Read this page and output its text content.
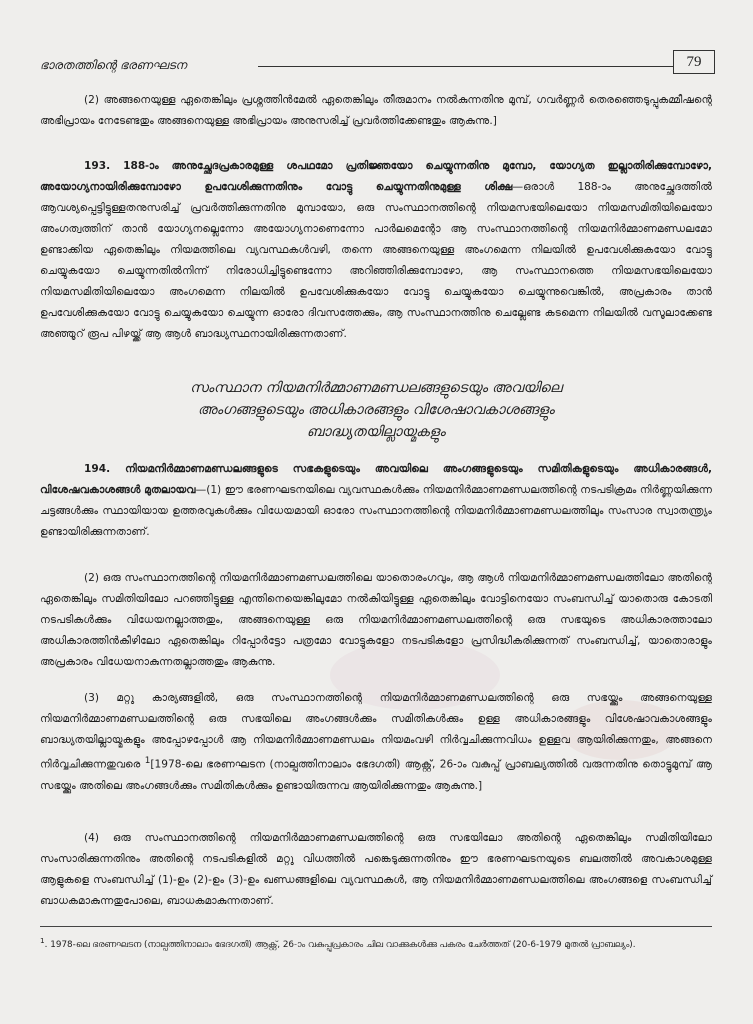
ഭാരതത്തിന്റെ ഭരണഘടന	79

(2) അങ്ങനെയുള്ള ഏതെങ്കിലും പ്രശ്നത്തിൻമേൽ ഏതെങ്കിലും തീരുമാനം നൽകുന്നതിനു മുമ്പ്, ഗവർണ്ണർ തെരഞ്ഞെടുപ്പുകമ്മീഷന്റെ അഭിപ്രായം നേടേണ്ടതും അങ്ങനെയുള്ള അഭിപ്രായം അനുസരിച്ച് പ്രവർത്തിക്കേണ്ടതും ആകുന്നു.]

193. 188-ാം അനുച്ഛേദപ്രകാരമുള്ള ശപഥമോ പ്രതിജ്ഞയോ ചെയ്യുന്നതിനു മുമ്പോ, യോഗ്യത ഇല്ലാതിരിക്കുമ്പോഴോ, അയോഗ്യനായിരിക്കുമ്പോഴോ ഉപവേശിക്കുന്നതിനും വോട്ടു ചെയ്യുന്നതിനുമുള്ള ശിക്ഷ—ഒരാൾ 188-ാം അനുച്ഛേദത്തിൽ ആവശ്യപ്പെട്ടിട്ടുള്ളതനുസരിച്ച് പ്രവർത്തിക്കുന്നതിനു മുമ്പായോ, ഒരു സംസ്ഥാനത്തിന്റെ നിയമസഭയിലെയോ നിയമസമിതിയിലെയോ അംഗത്വത്തിന് താൻ യോഗ്യനല്ലെന്നോ അയോഗ്യനാണെന്നോ പാർലമെന്റോ ആ സംസ്ഥാനത്തിന്റെ നിയമനിർമ്മാണമണ്ഡലമോ ഉണ്ടാക്കിയ ഏതെങ്കിലും നിയമത്തിലെ വ്യവസ്ഥകൾവഴി, തന്നെ അങ്ങനെയുള്ള അംഗമെന്ന നിലയിൽ ഉപവേശിക്കുകയോ വോട്ടു ചെയ്യുകയോ ചെയ്യുന്നതിൽനിന്ന് നിരോധിച്ചിട്ടുണ്ടെന്നോ അറിഞ്ഞിരിക്കുമ്പോഴോ, ആ സംസ്ഥാനത്തെ നിയമസഭയിലെയോ നിയമസമിതിയിലെയോ അംഗമെന്ന നിലയിൽ ഉപവേശിക്കുകയോ വോട്ടു ചെയ്യുകയോ ചെയ്യുന്നുവെങ്കിൽ, അപ്രകാരം താൻ ഉപവേശിക്കുകയോ വോട്ടു ചെയ്യുകയോ ചെയ്യുന്ന ഓരോ ദിവസത്തേക്കും, ആ സംസ്ഥാനത്തിനു ചെല്ലേണ്ട കടമെന്ന നിലയിൽ വസൂലാക്കേണ്ട അഞ്ഞൂറ് രൂപ പിഴയ്ക്ക് ആ ആൾ ബാദ്ധ്യസ്ഥനായിരിക്കുന്നതാണ്.

സംസ്ഥാന നിയമനിർമ്മാണമണ്ഡലങ്ങളുടെയും അവയിലെ
അംഗങ്ങളുടെയും അധികാരങ്ങളും വിശേഷാവകാശങ്ങളും
ബാദ്ധ്യതയില്ലായ്മകളും

194. നിയമനിർമ്മാണമണ്ഡലങ്ങളുടെ സഭകളുടെയും അവയിലെ അംഗങ്ങളുടെയും സമിതികളുടെയും അധികാരങ്ങൾ, വിശേഷവകാശങ്ങൾ മുതലായവ—(1) ഈ ഭരണഘടനയിലെ വ്യവസ്ഥകൾക്കും നിയമനിർമ്മാണമണ്ഡലത്തിന്റെ നടപടിക്രമം നിർണ്ണയിക്കുന്ന ചട്ടങ്ങൾക്കും സ്ഥായിയായ ഉത്തരവുകൾക്കും വിധേയമായി ഓരോ സംസ്ഥാനത്തിന്റെ നിയമനിർമ്മാണമണ്ഡലത്തിലും സംസാര സ്വാതന്ത്ര്യം ഉണ്ടായിരിക്കുന്നതാണ്.

(2) ഒരു സംസ്ഥാനത്തിന്റെ നിയമനിർമ്മാണമണ്ഡലത്തിലെ യാതൊരംഗവും, ആ ആൾ നിയമനിർമ്മാണമണ്ഡലത്തിലോ അതിന്റെ ഏതെങ്കിലും സമിതിയിലോ പറഞ്ഞിട്ടുള്ള എന്തിനെയെങ്കിലുമോ നൽകിയിട്ടുള്ള ഏതെങ്കിലും വോട്ടിനെയോ സംബന്ധിച്ച് യാതൊരു കോടതി നടപടികൾക്കും വിധേയനല്ലാത്തതും, അങ്ങനെയുള്ള ഒരു നിയമനിർമ്മാണമണ്ഡലത്തിന്റെ ഒരു സഭയുടെ അധികാരത്താലോ അധികാരത്തിൻകീഴിലോ ഏതെങ്കിലും റിപ്പോർട്ടോ പത്രമോ വോട്ടുകളോ നടപടികളോ പ്രസിദ്ധീകരിക്കുന്നത് സംബന്ധിച്ച്, യാതൊരാളും അപ്രകാരം വിധേയനാകുന്നതല്ലാത്തതും ആകുന്നു.

(3) മറ്റു കാര്യങ്ങളിൽ, ഒരു സംസ്ഥാനത്തിന്റെ നിയമനിർമ്മാണമണ്ഡലത്തിന്റെ ഒരു സഭയ്ക്കും അങ്ങനെയുള്ള നിയമനിർമ്മാണമണ്ഡലത്തിന്റെ ഒരു സഭയിലെ അംഗങ്ങൾക്കും സമിതികൾക്കും ഉള്ള അധികാരങ്ങളും വിശേഷാവകാശങ്ങളും ബാദ്ധ്യതയില്ലായ്മകളും അപ്പോഴപ്പോൾ ആ നിയമനിർമ്മാണമണ്ഡലം നിയമംവഴി നിർവ്വചിക്കുന്നവിധം ഉള്ളവ ആയിരിക്കുന്നതും, അങ്ങനെ നിർവ്വചിക്കുന്നതുവരെ $^1$[1978-ലെ ഭരണഘടന (നാല്പത്തിനാലാം ഭേദഗതി) ആക്റ്റ്, 26-ാം വകുപ്പ് പ്രാബല്യത്തിൽ വരുന്നതിനു തൊട്ടുമുമ്പ് ആ സഭയ്ക്കും അതിലെ അംഗങ്ങൾക്കും സമിതികൾക്കും ഉണ്ടായിരുന്നവ ആയിരിക്കുന്നതും ആകുന്നു.]

(4) ഒരു സംസ്ഥാനത്തിന്റെ നിയമനിർമ്മാണമണ്ഡലത്തിന്റെ ഒരു സഭയിലോ അതിന്റെ ഏതെങ്കിലും സമിതിയിലോ സംസാരിക്കുന്നതിനും അതിന്റെ നടപടികളിൽ മറ്റു വിധത്തിൽ പങ്കെടുക്കുന്നതിനും ഈ ഭരണഘടനയുടെ ബലത്തിൽ അവകാശമുള്ള ആളുകളെ സംബന്ധിച്ച് (1)-ഉം (2)-ഉം (3)-ഉം ഖണ്ഡങ്ങളിലെ വ്യവസ്ഥകൾ, ആ നിയമനിർമ്മാണമണ്ഡലത്തിലെ അംഗങ്ങളെ സംബന്ധിച്ച് ബാധകമാകുന്നതുപോലെ, ബാധകമാകുന്നതാണ്.

$^1$. 1978-ലെ ഭരണഘടന (നാല്പത്തിനാലാം ഭേദഗതി) ആക്റ്റ്, 26-ാം വകുപ്പുപ്രകാരം ചില വാക്കുകൾക്കു പകരം ചേർത്തത് (20-6-1979 മുതൽ പ്രാബല്യം).
